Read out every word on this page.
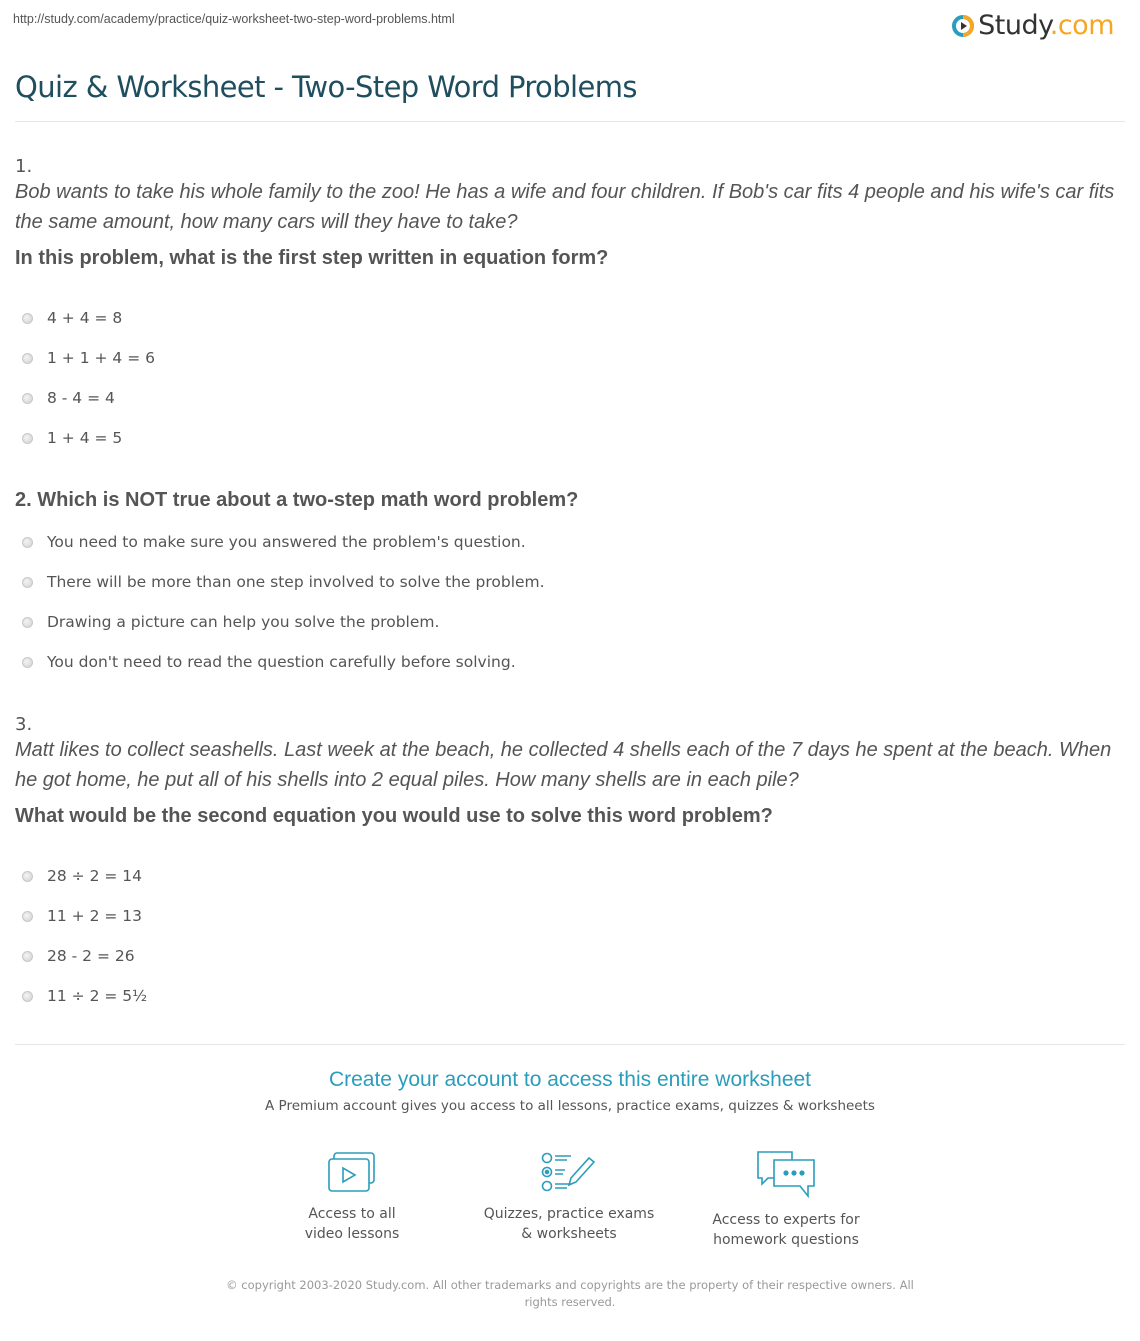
http://study.com/academy/practice/quiz-worksheet-two-step-word-problems.html	Study.com
Quiz & Worksheet - Two-Step Word Problems
1.
Bob wants to take his whole family to the zoo! He has a wife and four children. If Bob's car fits 4 people and his wife's car fits the same amount, how many cars will they have to take?
In this problem, what is the first step written in equation form?
4 + 4 = 8
1 + 1 + 4 = 6
8 - 4 = 4
1 + 4 = 5
2. Which is NOT true about a two-step math word problem?
You need to make sure you answered the problem's question.
There will be more than one step involved to solve the problem.
Drawing a picture can help you solve the problem.
You don't need to read the question carefully before solving.
3.
Matt likes to collect seashells. Last week at the beach, he collected 4 shells each of the 7 days he spent at the beach. When he got home, he put all of his shells into 2 equal piles. How many shells are in each pile?
What would be the second equation you would use to solve this word problem?
28 ÷ 2 = 14
11 + 2 = 13
28 - 2 = 26
11 ÷ 2 = 5½
Create your account to access this entire worksheet

A Premium account gives you access to all lessons, practice exams, quizzes & worksheets

Access to all
video lessons
Quizzes, practice exams
& worksheets
Access to experts for
homework questions
© copyright 2003-2020 Study.com. All other trademarks and copyrights are the property of their respective owners. All rights reserved.
